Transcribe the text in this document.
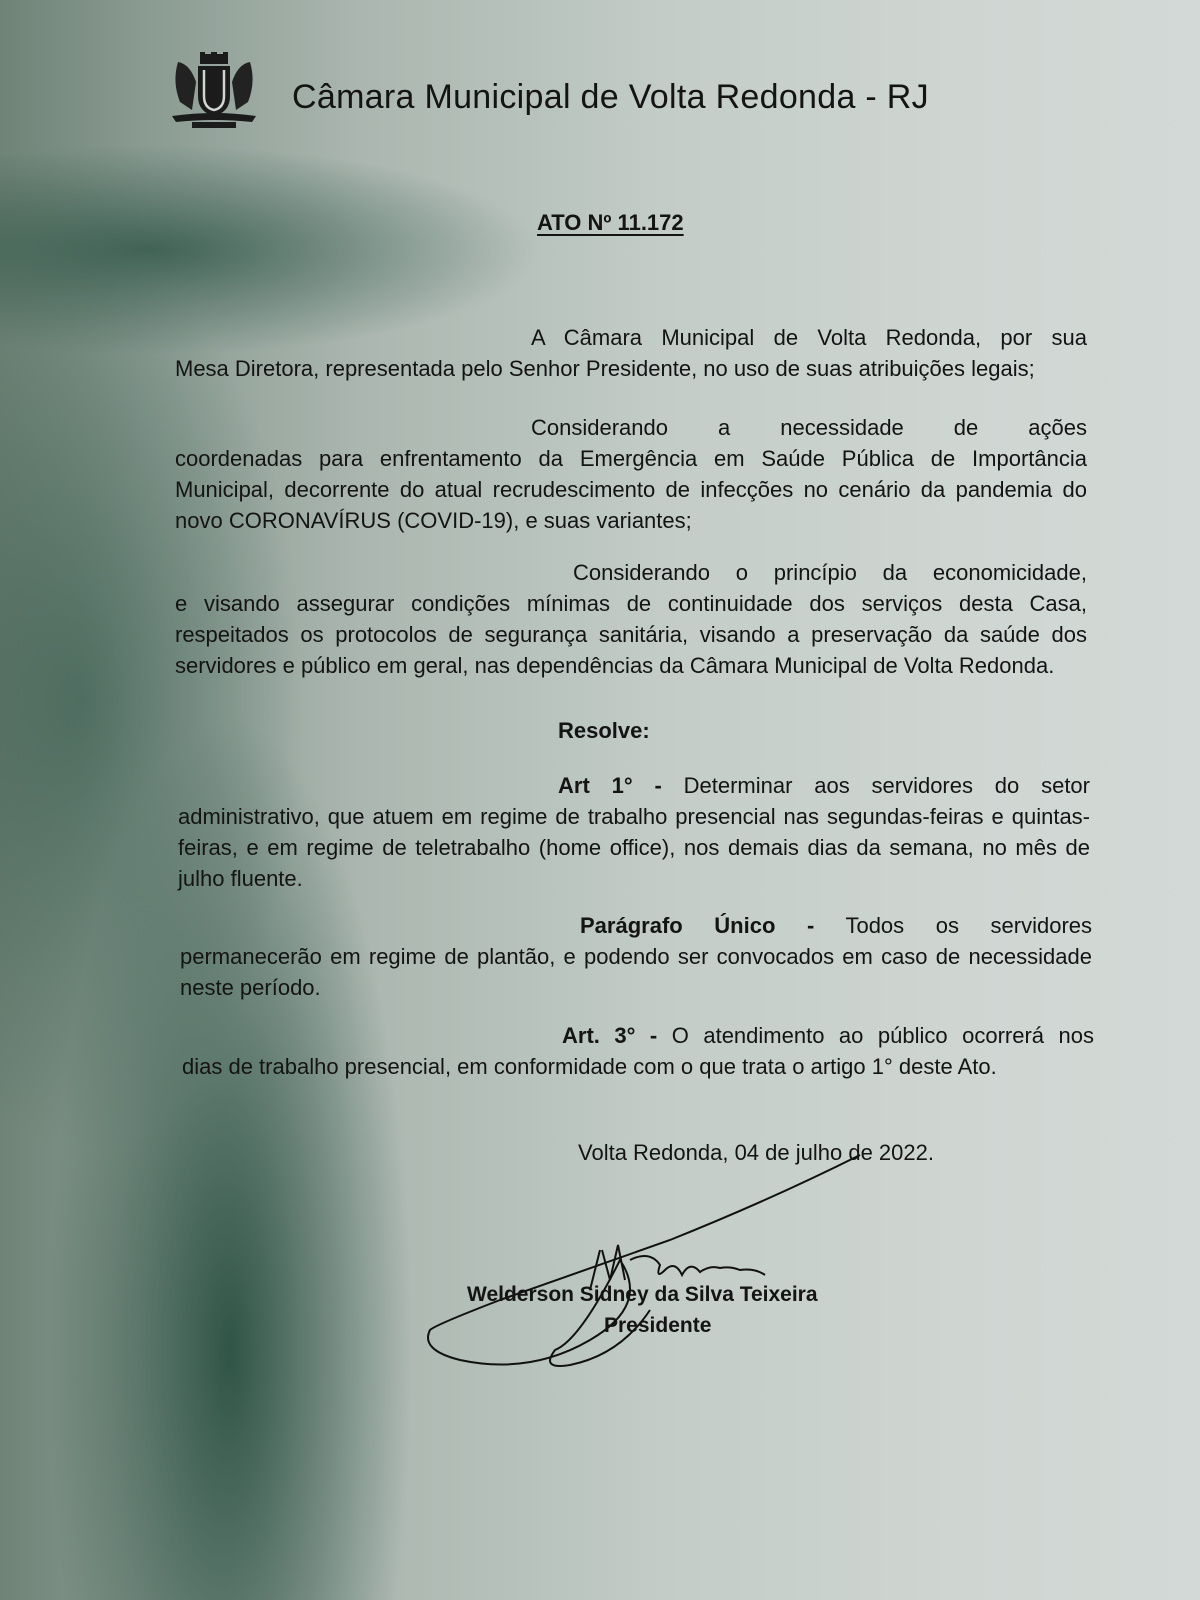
Câmara Municipal de Volta Redonda - RJ
ATO Nº 11.172
A Câmara Municipal de Volta Redonda, por sua
Mesa Diretora, representada pelo Senhor Presidente, no uso de suas atribuições legais;
Considerando a necessidade de ações
coordenadas para enfrentamento da Emergência em Saúde Pública de Importância Municipal, decorrente do atual recrudescimento de infecções no cenário da pandemia do novo CORONAVÍRUS (COVID-19), e suas variantes;
Considerando o princípio da economicidade,
e visando assegurar condições mínimas de continuidade dos serviços desta Casa, respeitados os protocolos de segurança sanitária, visando a preservação da saúde dos servidores e público em geral, nas dependências da Câmara Municipal de Volta Redonda.
Resolve:
Art 1° - Determinar aos servidores do setor
administrativo, que atuem em regime de trabalho presencial nas segundas-feiras e quintas-feiras, e em regime de teletrabalho (home office), nos demais dias da semana, no mês de julho fluente.
Parágrafo Único - Todos os servidores
permanecerão em regime de plantão, e podendo ser convocados em caso de necessidade neste período.
Art. 3° - O atendimento ao público ocorrerá nos
dias de trabalho presencial, em conformidade com o que trata o artigo 1° deste Ato.
Volta Redonda, 04 de julho de 2022.
Welderson Sidney da Silva Teixeira
Presidente
